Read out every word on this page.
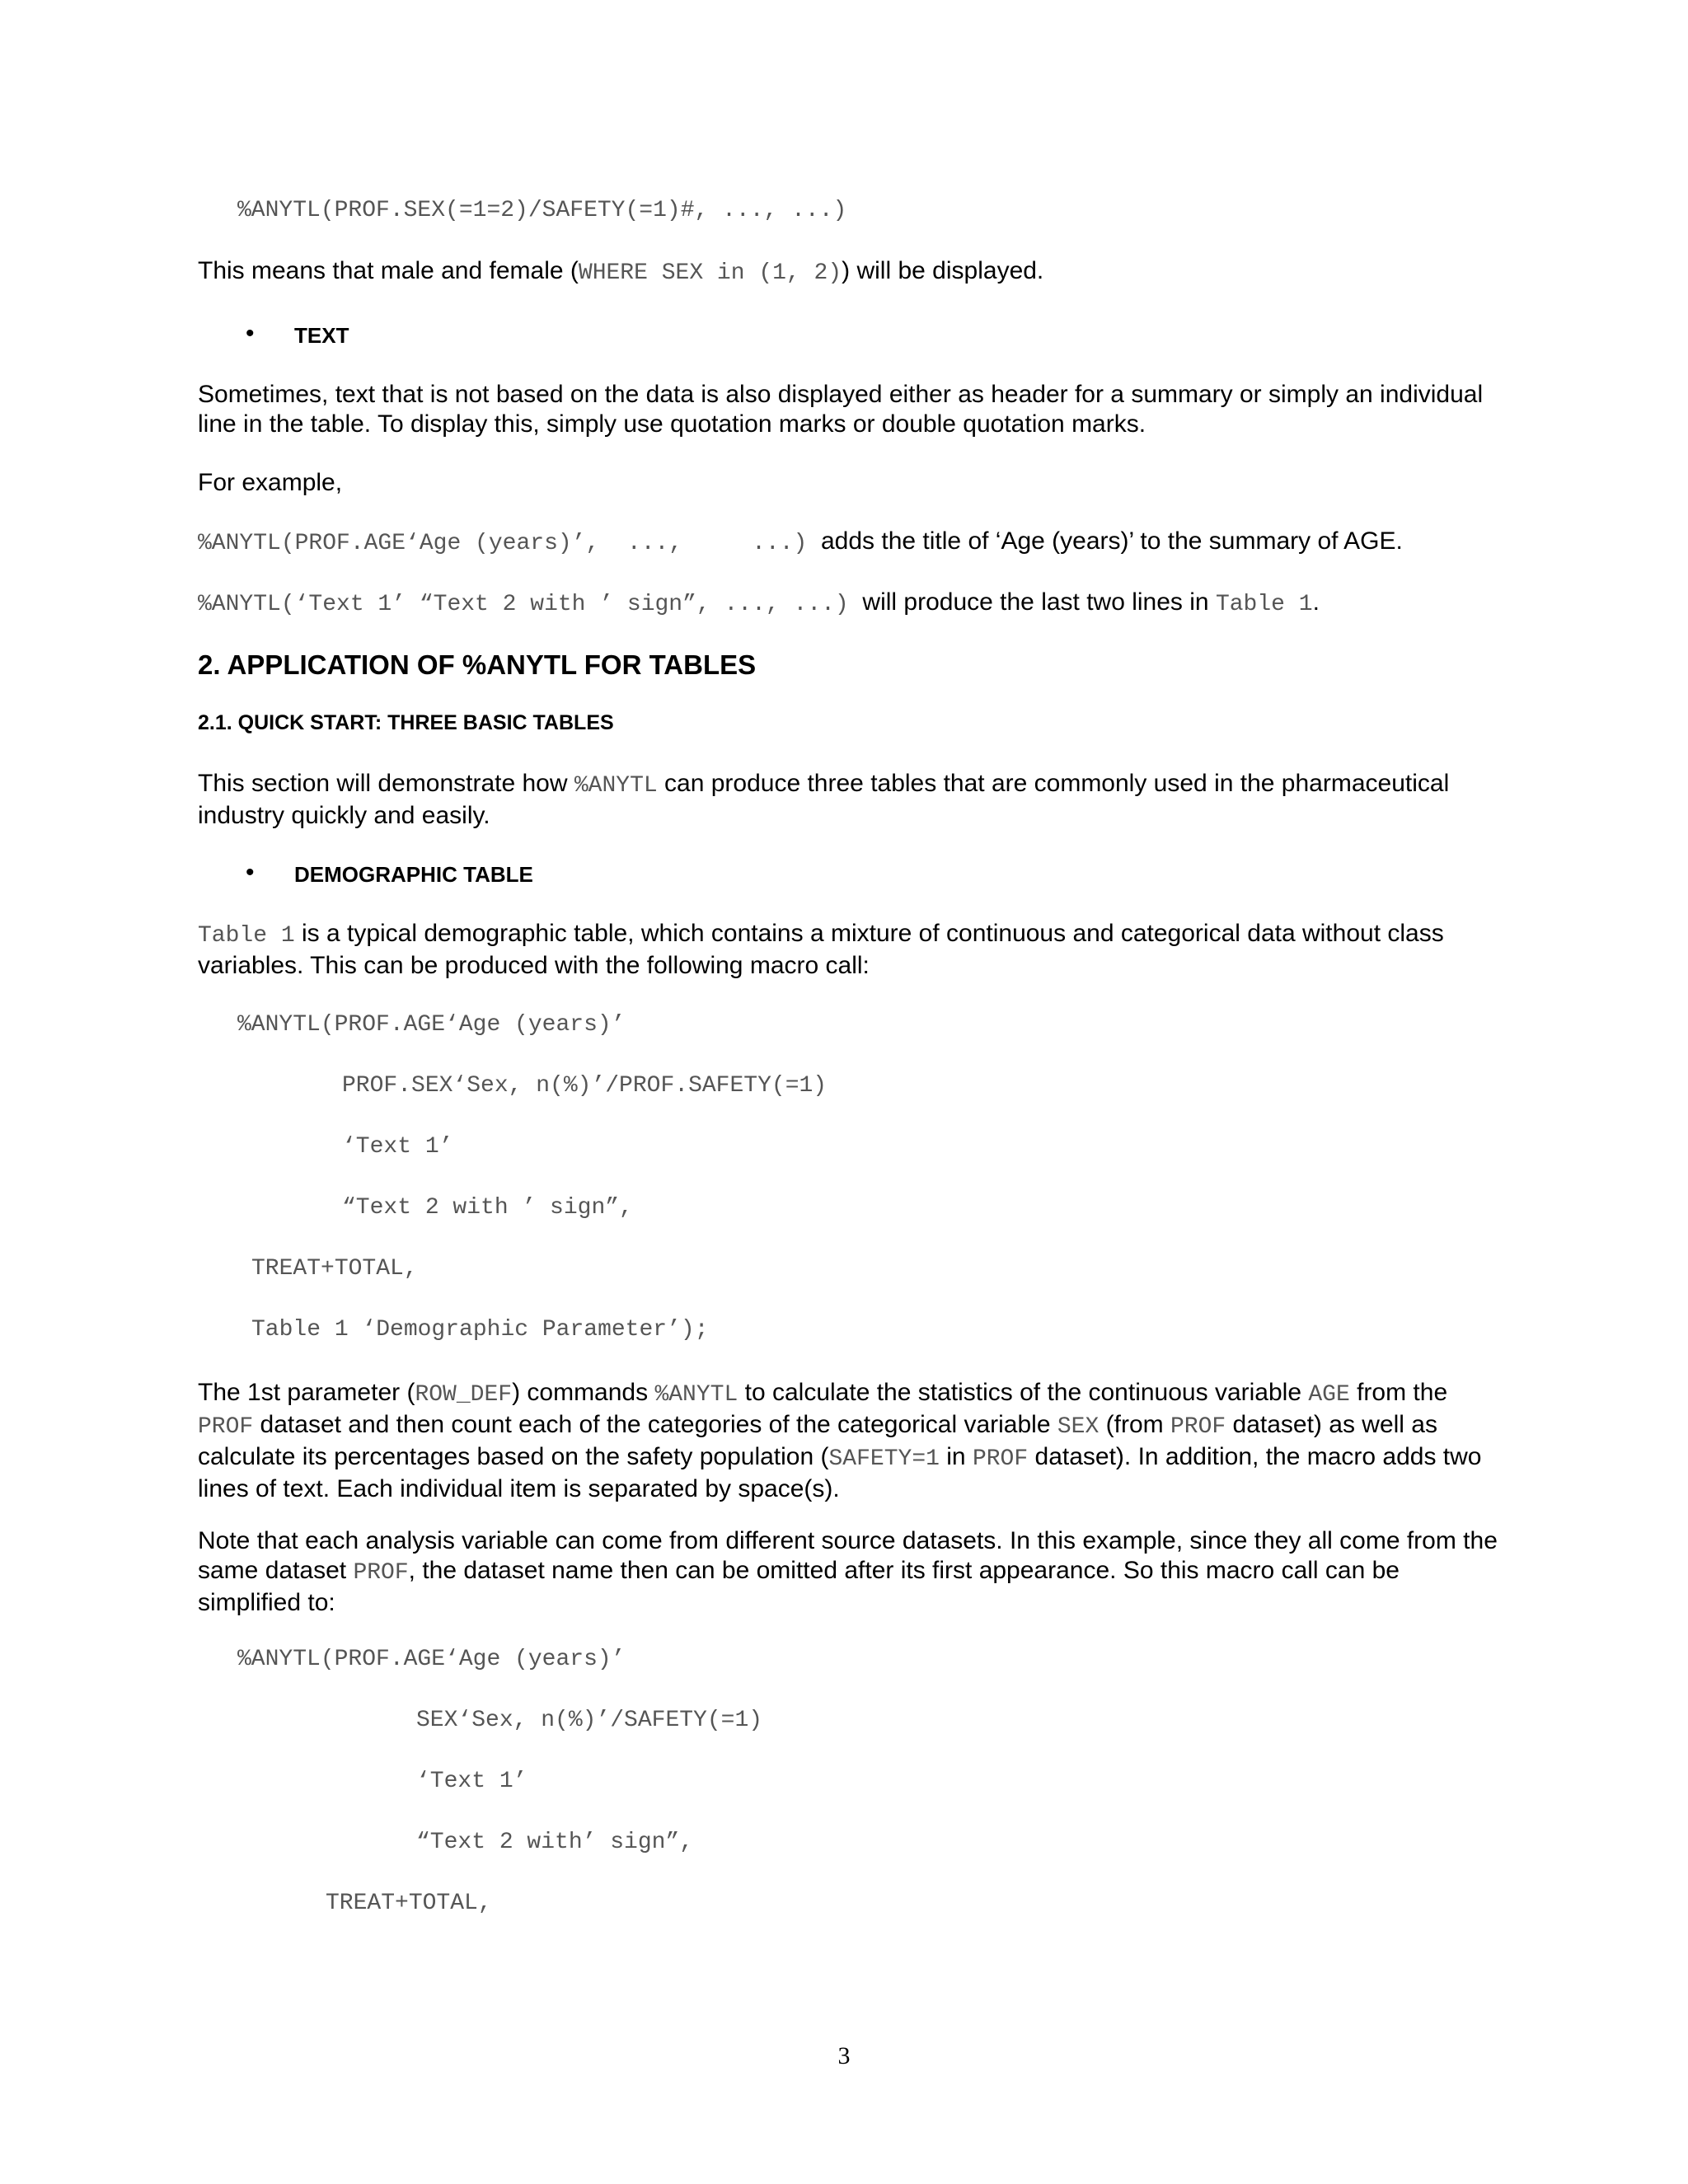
%ANYTL(PROF.SEX(=1=2)/SAFETY(=1)#, ..., ...)
This means that male and female (WHERE SEX in (1, 2)) will be displayed.
• TEXT
Sometimes, text that is not based on the data is also displayed either as header for a summary or simply an individual line in the table. To display this, simply use quotation marks or double quotation marks.
For example,
%ANYTL(PROF.AGE‘Age (years)’,  ...,     ...) adds the title of ‘Age (years)’ to the summary of AGE.
%ANYTL(‘Text 1’ “Text 2 with ’ sign”, ..., ...) will produce the last two lines in Table 1.
2. APPLICATION OF %ANYTL FOR TABLES
2.1. QUICK START: THREE BASIC TABLES
This section will demonstrate how %ANYTL can produce three tables that are commonly used in the pharmaceutical industry quickly and easily.
• DEMOGRAPHIC TABLE
Table 1 is a typical demographic table, which contains a mixture of continuous and categorical data without class variables. This can be produced with the following macro call:
%ANYTL(PROF.AGE‘Age (years)’
PROF.SEX‘Sex, n(%)’/PROF.SAFETY(=1)
‘Text 1’
“Text 2 with ’ sign”,
TREAT+TOTAL,
Table 1 ‘Demographic Parameter’);
The 1st parameter (ROW_DEF) commands %ANYTL to calculate the statistics of the continuous variable AGE from the PROF dataset and then count each of the categories of the categorical variable SEX (from PROF dataset) as well as calculate its percentages based on the safety population (SAFETY=1 in PROF dataset). In addition, the macro adds two lines of text. Each individual item is separated by space(s).
Note that each analysis variable can come from different source datasets. In this example, since they all come from the same dataset PROF, the dataset name then can be omitted after its first appearance. So this macro call can be simplified to:
%ANYTL(PROF.AGE‘Age (years)’
SEX‘Sex, n(%)’/SAFETY(=1)
‘Text 1’
“Text 2 with’ sign”,
TREAT+TOTAL,
3
